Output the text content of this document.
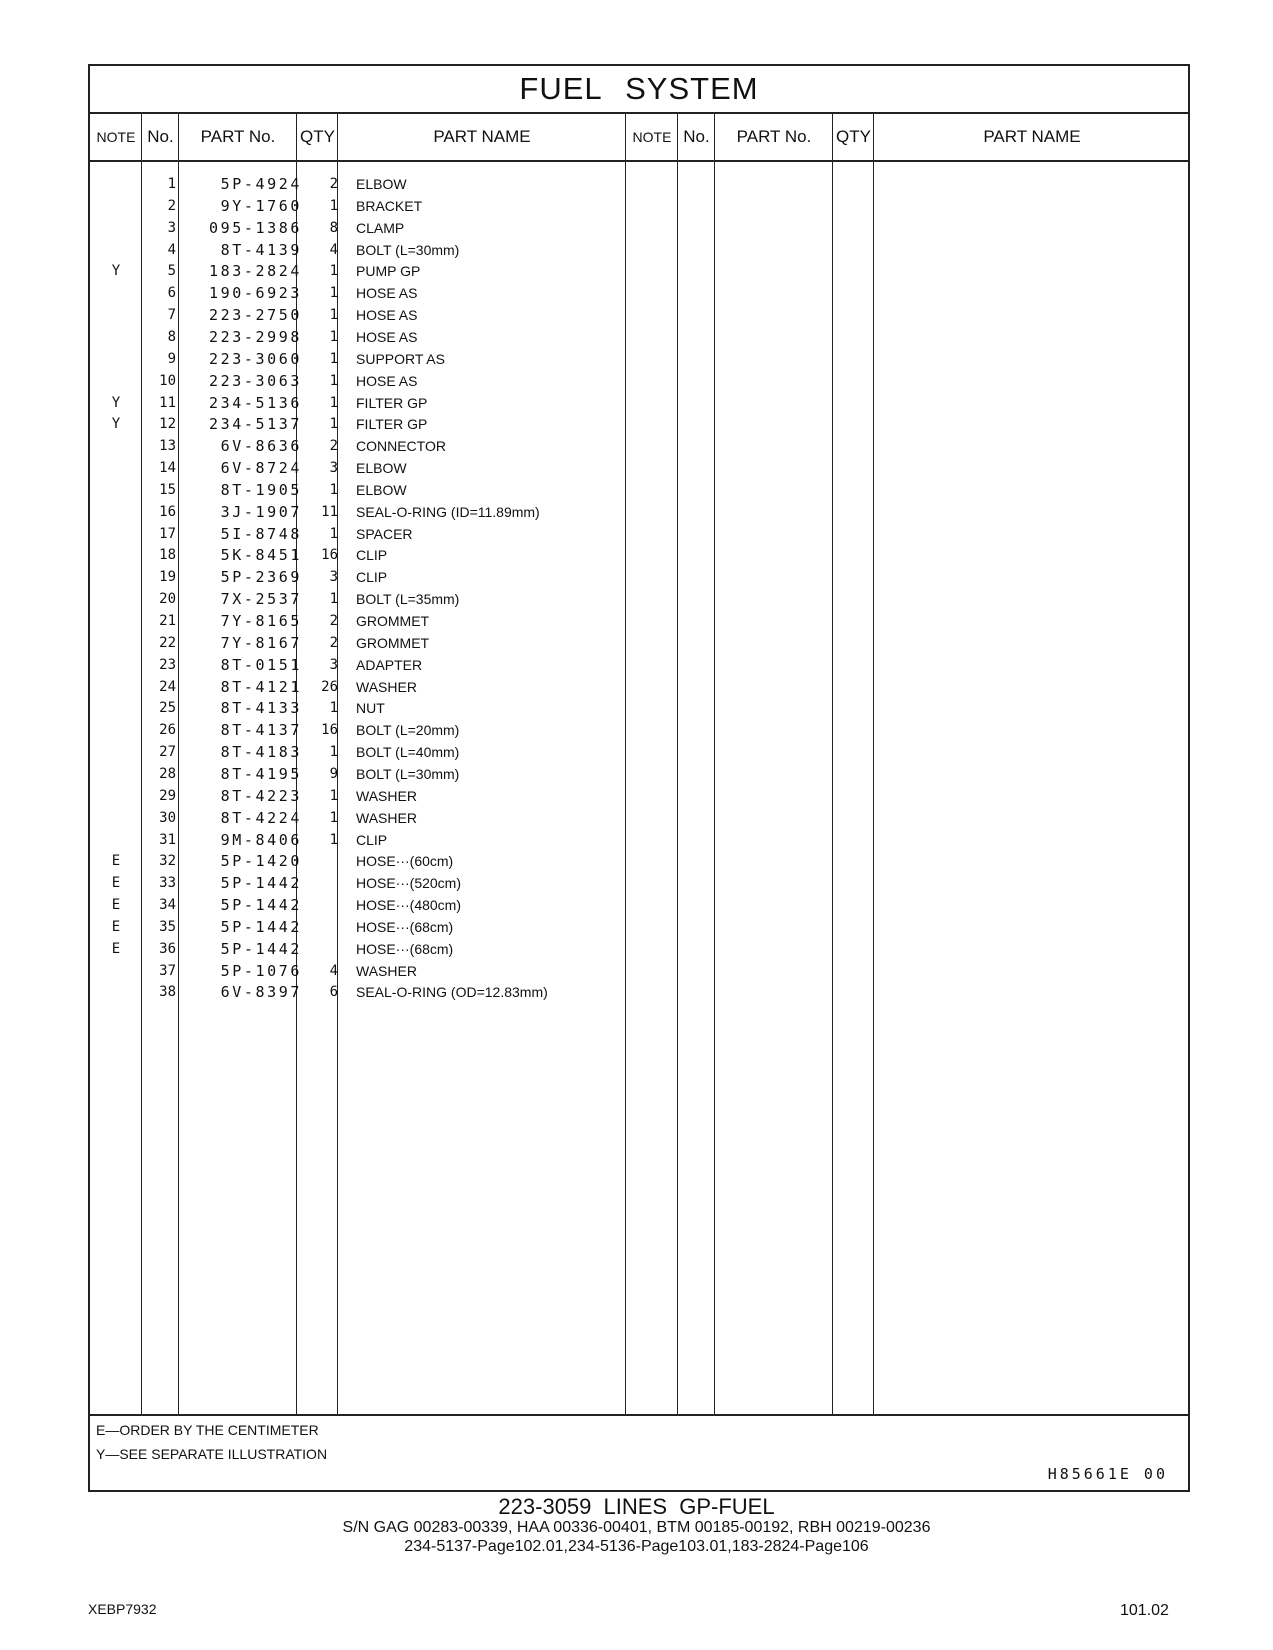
FUEL SYSTEM
NOTE No.	PART No.	QTY	PART NAME	NOTE No.	PART No.	QTY	PART NAME
1	5P-4924	2 ELBOW
2	9Y-1760	1 BRACKET
3	095-1386	8 CLAMP
4	8T-4139	4 BOLT (L=30mm)
Y	5	183-2824	1 PUMP GP
6	190-6923	1 HOSE AS
7	223-2750	1 HOSE AS
8	223-2998	1 HOSE AS
9	223-3060	1 SUPPORT AS
10	223-3063	1 HOSE AS
Y	11	234-5136	1 FILTER GP
Y	12	234-5137	1 FILTER GP
13	6V-8636	2 CONNECTOR
14	6V-8724	3 ELBOW
15	8T-1905	1 ELBOW
16	3J-1907	11 SEAL-O-RING (ID=11.89mm)
17	5I-8748	1 SPACER
18	5K-8451	16 CLIP
19	5P-2369	3 CLIP
20	7X-2537	1 BOLT (L=35mm)
21	7Y-8165	2 GROMMET
22	7Y-8167	2 GROMMET
23	8T-0151	3 ADAPTER
24	8T-4121	26 WASHER
25	8T-4133	1 NUT
26	8T-4137	16 BOLT (L=20mm)
27	8T-4183	1 BOLT (L=40mm)
28	8T-4195	9 BOLT (L=30mm)
29	8T-4223	1 WASHER
30	8T-4224	1 WASHER
31	9M-8406	1 CLIP
E	32	5P-1420	HOSE···(60cm)
E	33	5P-1442	HOSE···(520cm)
E	34	5P-1442	HOSE···(480cm)
E	35	5P-1442	HOSE···(68cm)
E	36	5P-1442	HOSE···(68cm)
37	5P-1076	4 WASHER
38	6V-8397	6 SEAL-O-RING (OD=12.83mm)
E—ORDER BY THE CENTIMETER
Y—SEE SEPARATE ILLUSTRATION
H85661E 00
223-3059 LINES GP-FUEL
S/N GAG 00283-00339, HAA 00336-00401, BTM 00185-00192, RBH 00219-00236
234-5137-Page102.01,234-5136-Page103.01,183-2824-Page106
XEBP7932	101.02
